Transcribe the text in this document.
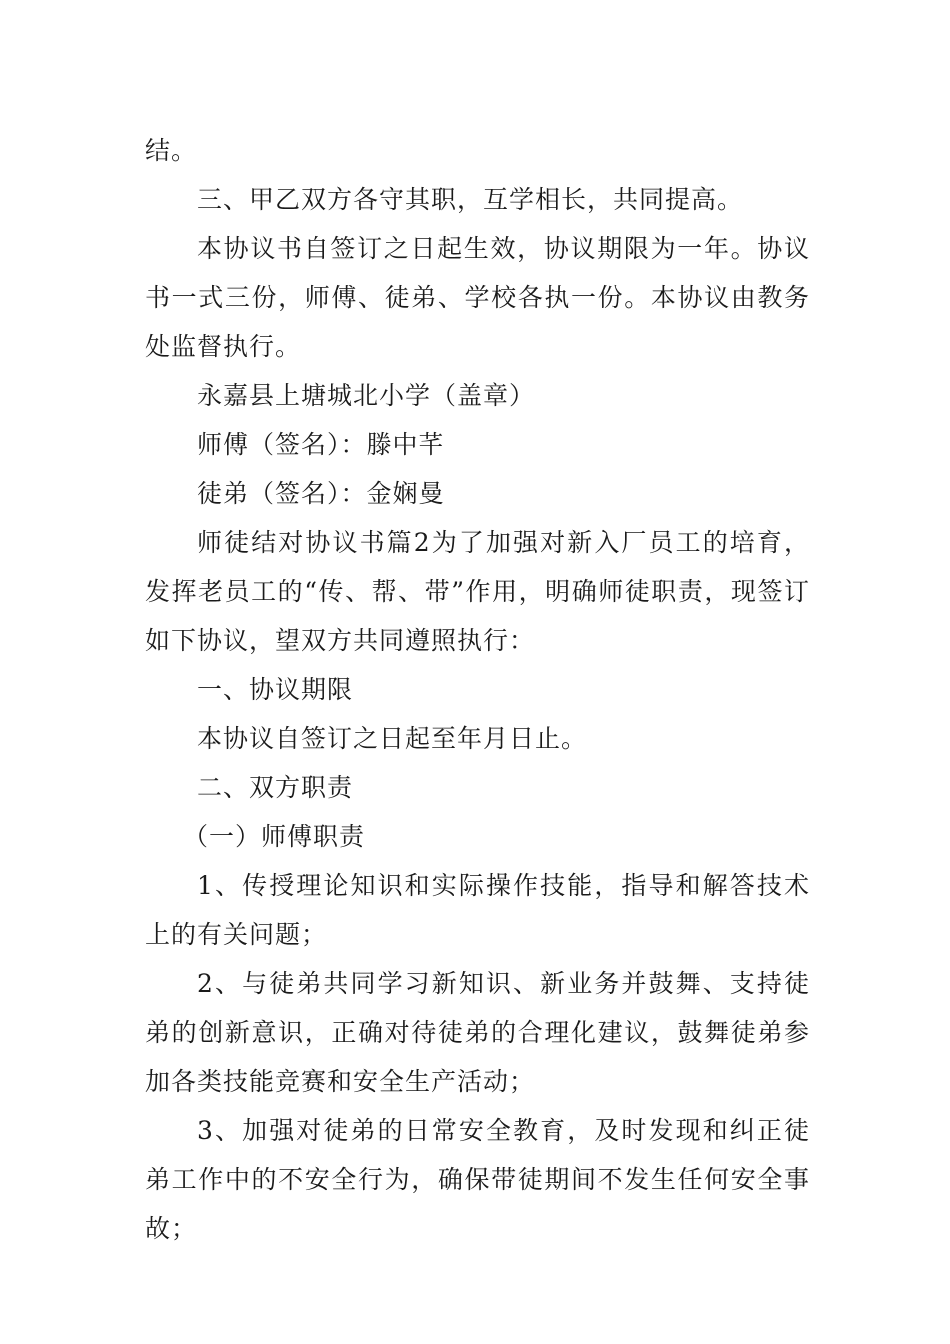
结。

三、甲乙双方各守其职，互学相长，共同提高。

本协议书自签订之日起生效，协议期限为一年。协议书一式三份，师傅、徒弟、学校各执一份。本协议由教务处监督执行。

永嘉县上塘城北小学（盖章）

师傅（签名）：滕中芊

徒弟（签名）：金娴曼

师徒结对协议书篇2为了加强对新入厂员工的培育，发挥老员工的“传、帮、带”作用，明确师徒职责，现签订如下协议，望双方共同遵照执行：

一、协议期限

本协议自签订之日起至年月日止。

二、双方职责

（一）师傅职责

1、传授理论知识和实际操作技能，指导和解答技术上的有关问题；

2、与徒弟共同学习新知识、新业务并鼓舞、支持徒弟的创新意识，正确对待徒弟的合理化建议，鼓舞徒弟参加各类技能竞赛和安全生产活动；

3、加强对徒弟的日常安全教育，及时发现和纠正徒弟工作中的不安全行为，确保带徒期间不发生任何安全事故；
